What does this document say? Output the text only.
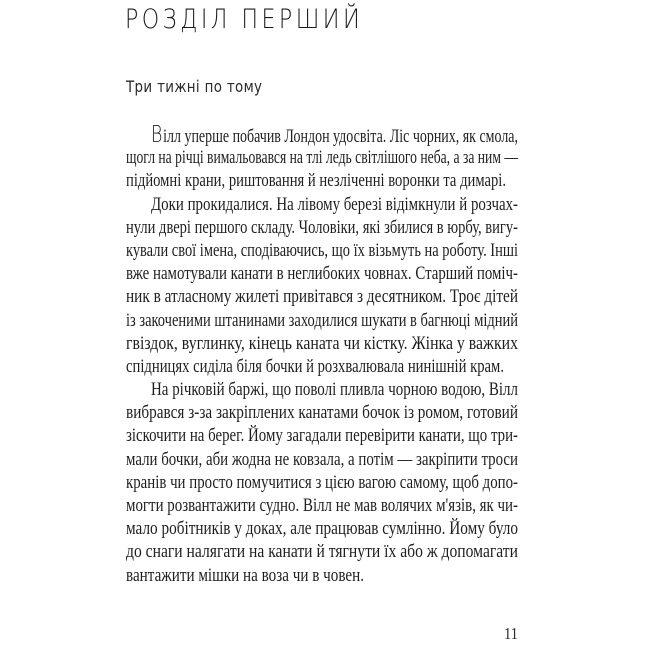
РОЗДІЛ ПЕРШИЙ
Три тижні по тому
Вілл уперше побачив Лондон удосвіта. Ліс чорних, як смола,
щогл на річці вимальовався на тлі ледь світлішого неба, а за ним —
підйомні крани, риштовання й незліченні воронки та димарі.
Доки прокидалися. На лівому березі відімкнули й розчах-
нули двері першого складу. Чоловіки, які збилися в юрбу, вигу-
кували свої імена, сподіваючись, що їх візьмуть на роботу. Інші
вже намотували канати в неглибоких човнах. Старший поміч-
ник в атласному жилеті привітався з десятником. Троє дітей
із закоченими штанинами заходилися шукати в багнюці мідний
гвіздок, вуглинку, кінець каната чи кістку. Жінка у важких
спідницях сиділа біля бочки й розхвалювала нинішній крам.
На річковій баржі, що поволі пливла чорною водою, Вілл
вибрався з-за закріплених канатами бочок із ромом, готовий
зіскочити на берег. Йому загадали перевірити канати, що три-
мали бочки, аби жодна не ковзала, а потім — закріпити троси
кранів чи просто помучитися з цією вагою самому, щоб допо-
могти розвантажити судно. Вілл не мав волячих м'язів, як чи-
мало робітників у доках, але працював сумлінно. Йому було
до снаги налягати на канати й тягнути їх або ж допомагати
вантажити мішки на воза чи в човен.
11
